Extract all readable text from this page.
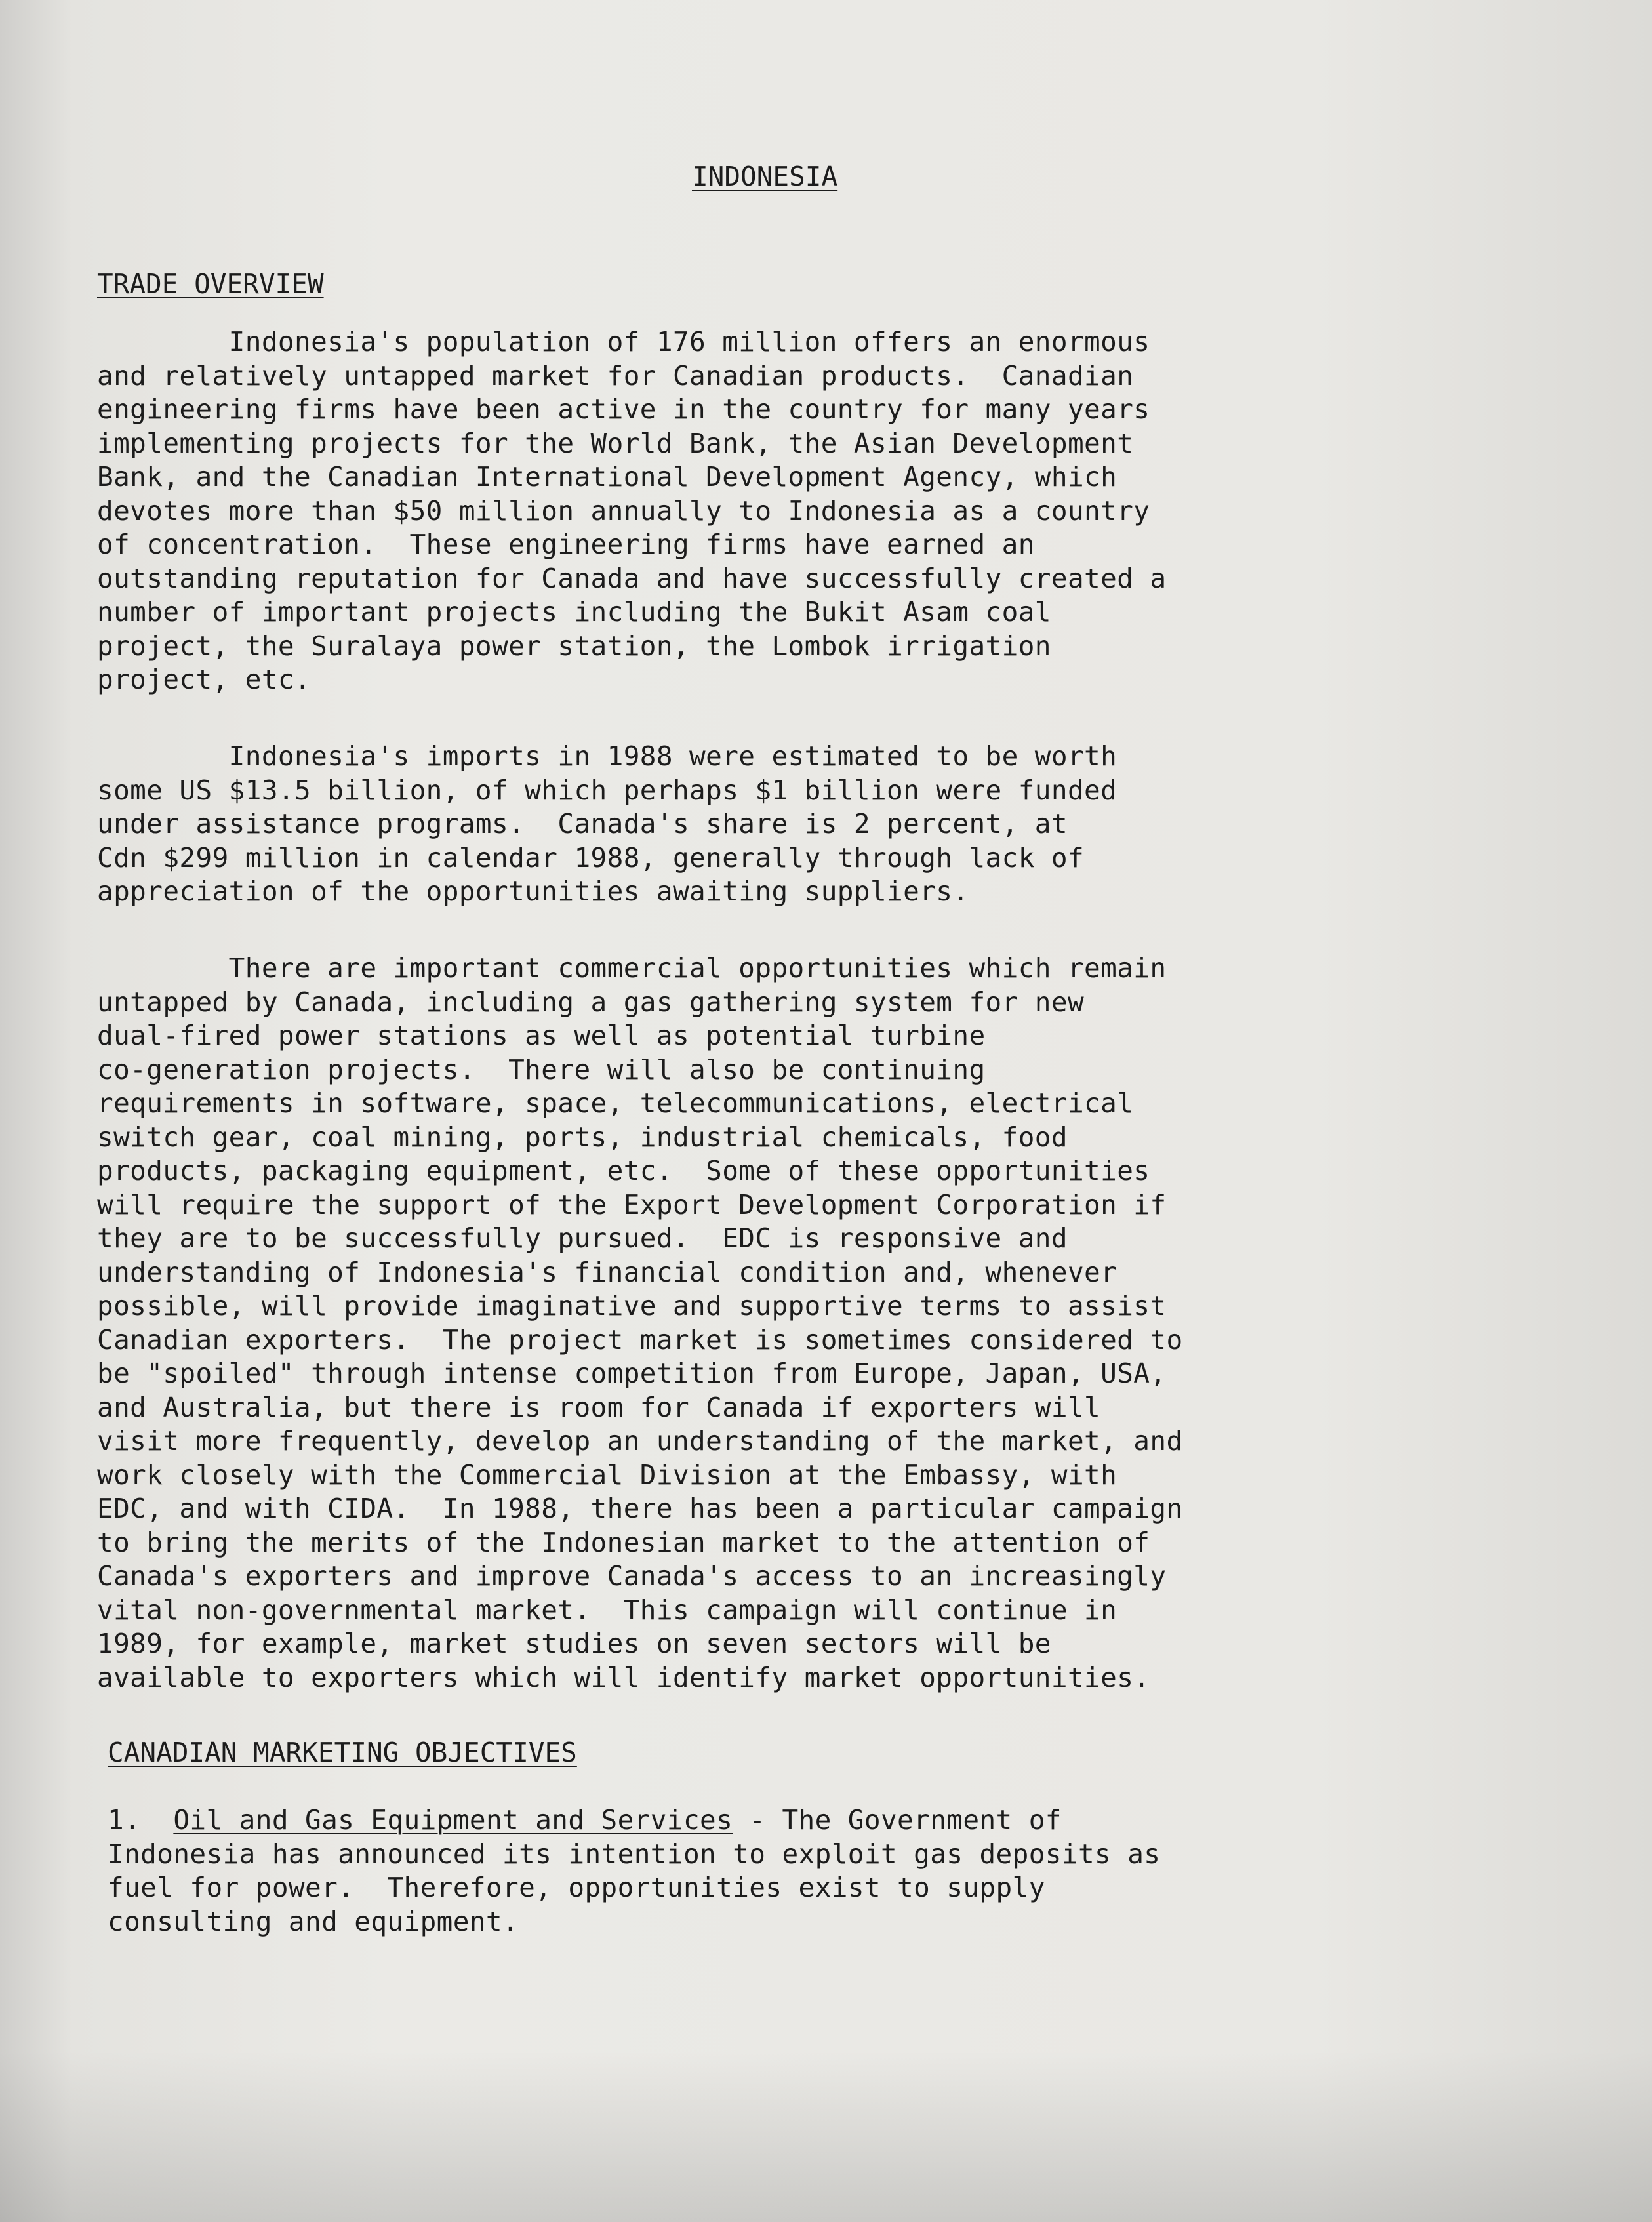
INDONESIA
TRADE OVERVIEW
Indonesia's population of 176 million offers an enormous
and relatively untapped market for Canadian products.  Canadian
engineering firms have been active in the country for many years
implementing projects for the World Bank, the Asian Development
Bank, and the Canadian International Development Agency, which
devotes more than $50 million annually to Indonesia as a country
of concentration.  These engineering firms have earned an
outstanding reputation for Canada and have successfully created a
number of important projects including the Bukit Asam coal
project, the Suralaya power station, the Lombok irrigation
project, etc.
Indonesia's imports in 1988 were estimated to be worth
some US $13.5 billion, of which perhaps $1 billion were funded
under assistance programs.  Canada's share is 2 percent, at
Cdn $299 million in calendar 1988, generally through lack of
appreciation of the opportunities awaiting suppliers.
There are important commercial opportunities which remain
untapped by Canada, including a gas gathering system for new
dual-fired power stations as well as potential turbine
co-generation projects.  There will also be continuing
requirements in software, space, telecommunications, electrical
switch gear, coal mining, ports, industrial chemicals, food
products, packaging equipment, etc.  Some of these opportunities
will require the support of the Export Development Corporation if
they are to be successfully pursued.  EDC is responsive and
understanding of Indonesia's financial condition and, whenever
possible, will provide imaginative and supportive terms to assist
Canadian exporters.  The project market is sometimes considered to
be "spoiled" through intense competition from Europe, Japan, USA,
and Australia, but there is room for Canada if exporters will
visit more frequently, develop an understanding of the market, and
work closely with the Commercial Division at the Embassy, with
EDC, and with CIDA.  In 1988, there has been a particular campaign
to bring the merits of the Indonesian market to the attention of
Canada's exporters and improve Canada's access to an increasingly
vital non-governmental market.  This campaign will continue in
1989, for example, market studies on seven sectors will be
available to exporters which will identify market opportunities.
CANADIAN MARKETING OBJECTIVES
1.  Oil and Gas Equipment and Services - The Government of
Indonesia has announced its intention to exploit gas deposits as
fuel for power.  Therefore, opportunities exist to supply
consulting and equipment.
